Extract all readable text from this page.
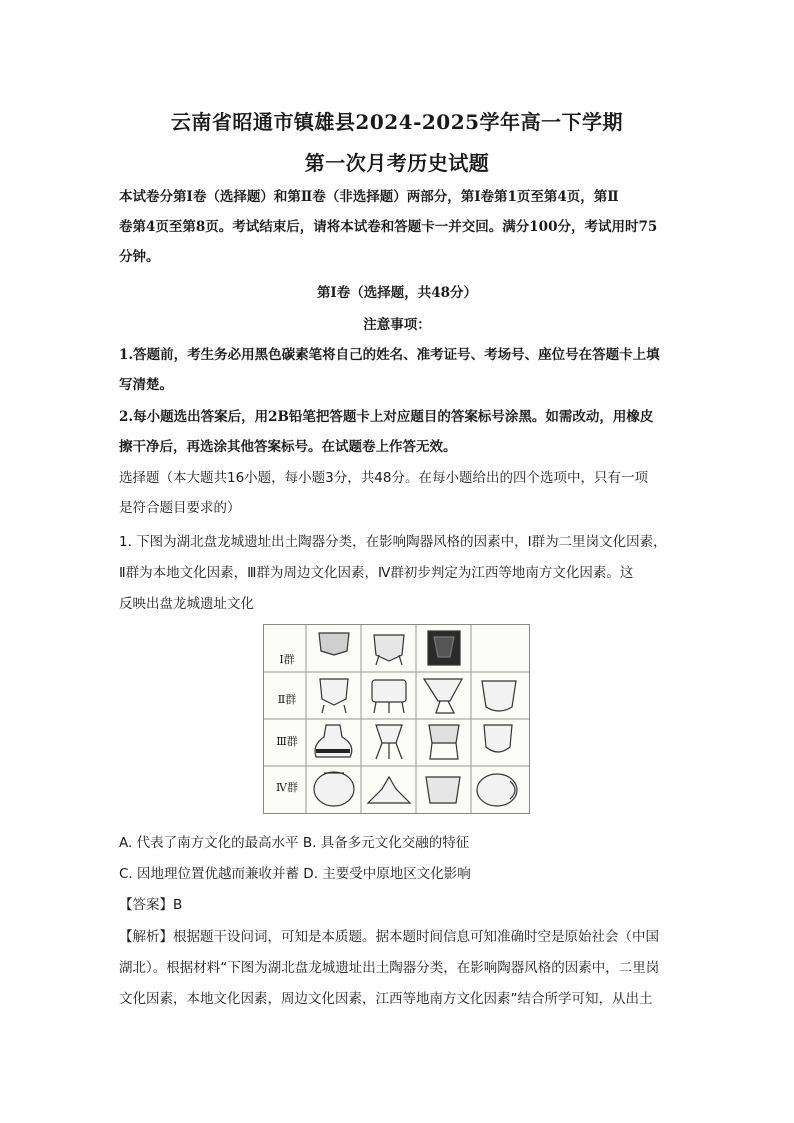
云南省昭通市镇雄县2024-2025学年高一下学期
第一次月考历史试题
本试卷分第Ⅰ卷（选择题）和第Ⅱ卷（非选择题）两部分，第Ⅰ卷第1页至第4页，第Ⅱ
卷第4页至第8页。考试结束后，请将本试卷和答题卡一并交回。满分100分，考试用时75
分钟。
第Ⅰ卷（选择题，共48分）
注意事项：
1.答题前，考生务必用黑色碳素笔将自己的姓名、准考证号、考场号、座位号在答题卡上填
写清楚。
2.每小题选出答案后，用2B铅笔把答题卡上对应题目的答案标号涂黑。如需改动，用橡皮
擦干净后，再选涂其他答案标号。在试题卷上作答无效。
选择题（本大题共16小题，每小题3分，共48分。在每小题给出的四个选项中，只有一项
是符合题目要求的）
1. 下图为湖北盘龙城遗址出土陶器分类，在影响陶器风格的因素中，Ⅰ群为二里岗文化因素，
Ⅱ群为本地文化因素，Ⅲ群为周边文化因素，Ⅳ群初步判定为江西等地南方文化因素。这
反映出盘龙城遗址文化
Ⅰ群
Ⅱ群
Ⅲ群
Ⅳ群
A. 代表了南方文化的最高水平 B. 具备多元文化交融的特征
C. 因地理位置优越而兼收并蓄 D. 主要受中原地区文化影响
【答案】B
【解析】根据题干设问词，可知是本质题。据本题时间信息可知准确时空是原始社会（中国
湖北）。根据材料“下图为湖北盘龙城遗址出土陶器分类，在影响陶器风格的因素中，二里岗
文化因素，本地文化因素，周边文化因素，江西等地南方文化因素”结合所学可知，从出土
